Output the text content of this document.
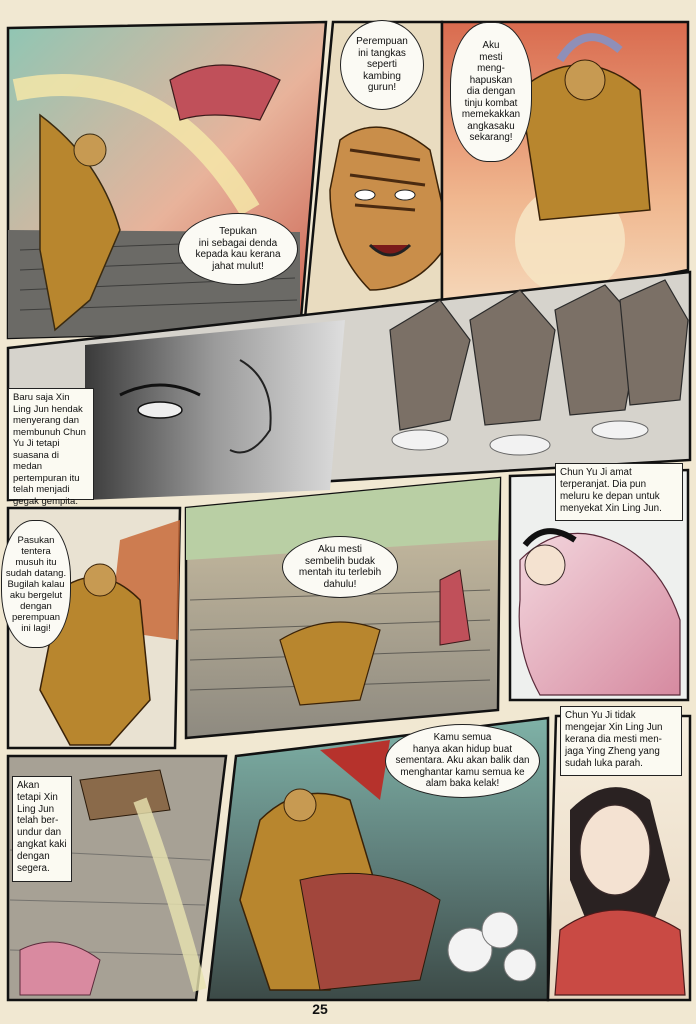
Tepukan
ini sebagai denda
kepada kau kerana
jahat mulut!
Perempuan
ini tangkas
seperti
kambing
gurun!
Aku
mesti
meng-
hapuskan
dia dengan
tinju kombat
memekakkan
angkasaku
sekarang!
Baru saja Xin
Ling Jun hendak
menyerang dan
membunuh Chun
Yu Ji tetapi
suasana di medan
pertempuran itu
telah menjadi
gegak gempita.
Pasukan
tentera
musuh itu
sudah datang.
Bugilah kalau
aku bergelut
dengan
perempuan
ini lagi!
Aku mesti
sembelih budak
mentah itu terlebih
dahulu!
Chun Yu Ji amat
terperanjat. Dia pun
meluru ke depan untuk
menyekat Xin Ling Jun.
Akan
tetapi Xin
Ling Jun
telah ber-
undur dan
angkat kaki
dengan
segera.
Kamu semua
hanya akan hidup buat
sementara. Aku akan balik dan
menghantar kamu semua ke
alam baka kelak!
Chun Yu Ji tidak
mengejar Xin Ling Jun
kerana dia mesti men-
jaga Ying Zheng yang
sudah luka parah.
25
